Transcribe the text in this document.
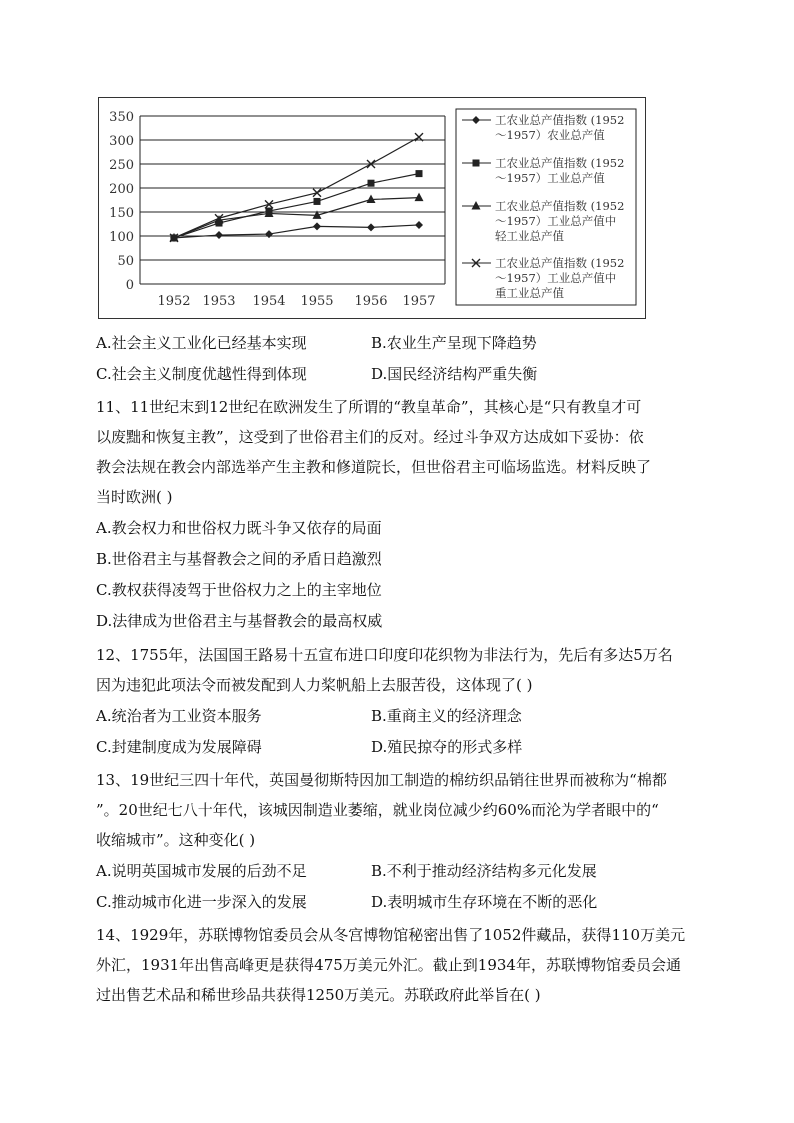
0
50
100
150
200
250
300
350
1952 1953 1954 1955 1956 1957
工农业总产值指数 (1952
～1957）农业总产值
工农业总产值指数 (1952
～1957）工业总产值
工农业总产值指数 (1952
～1957）工业总产值中
轻工业总产值
工农业总产值指数 (1952
～1957）工业总产值中
重工业总产值
A.社会主义工业化已经基本实现	B.农业生产呈现下降趋势
C.社会主义制度优越性得到体现	D.国民经济结构严重失衡
11、11世纪末到12世纪在欧洲发生了所谓的“教皇革命”，其核心是“只有教皇才可
以废黜和恢复主教”，这受到了世俗君主们的反对。经过斗争双方达成如下妥协：依
教会法规在教会内部选举产生主教和修道院长，但世俗君主可临场监选。材料反映了
当时欧洲( )
A.教会权力和世俗权力既斗争又依存的局面
B.世俗君主与基督教会之间的矛盾日趋激烈
C.教权获得凌驾于世俗权力之上的主宰地位
D.法律成为世俗君主与基督教会的最高权威
12、1755年，法国国王路易十五宣布进口印度印花织物为非法行为，先后有多达5万名
因为违犯此项法令而被发配到人力桨帆船上去服苦役，这体现了( )
A.统治者为工业资本服务	B.重商主义的经济理念
C.封建制度成为发展障碍	D.殖民掠夺的形式多样
13、19世纪三四十年代，英国曼彻斯特因加工制造的棉纺织品销往世界而被称为“棉都
”。20世纪七八十年代，该城因制造业萎缩，就业岗位减少约60%而沦为学者眼中的“
收缩城市”。这种变化( )
A.说明英国城市发展的后劲不足	B.不利于推动经济结构多元化发展
C.推动城市化进一步深入的发展	D.表明城市生存环境在不断的恶化
14、1929年，苏联博物馆委员会从冬宫博物馆秘密出售了1052件藏品，获得110万美元
外汇，1931年出售高峰更是获得475万美元外汇。截止到1934年，苏联博物馆委员会通
过出售艺术品和稀世珍品共获得1250万美元。苏联政府此举旨在( )
